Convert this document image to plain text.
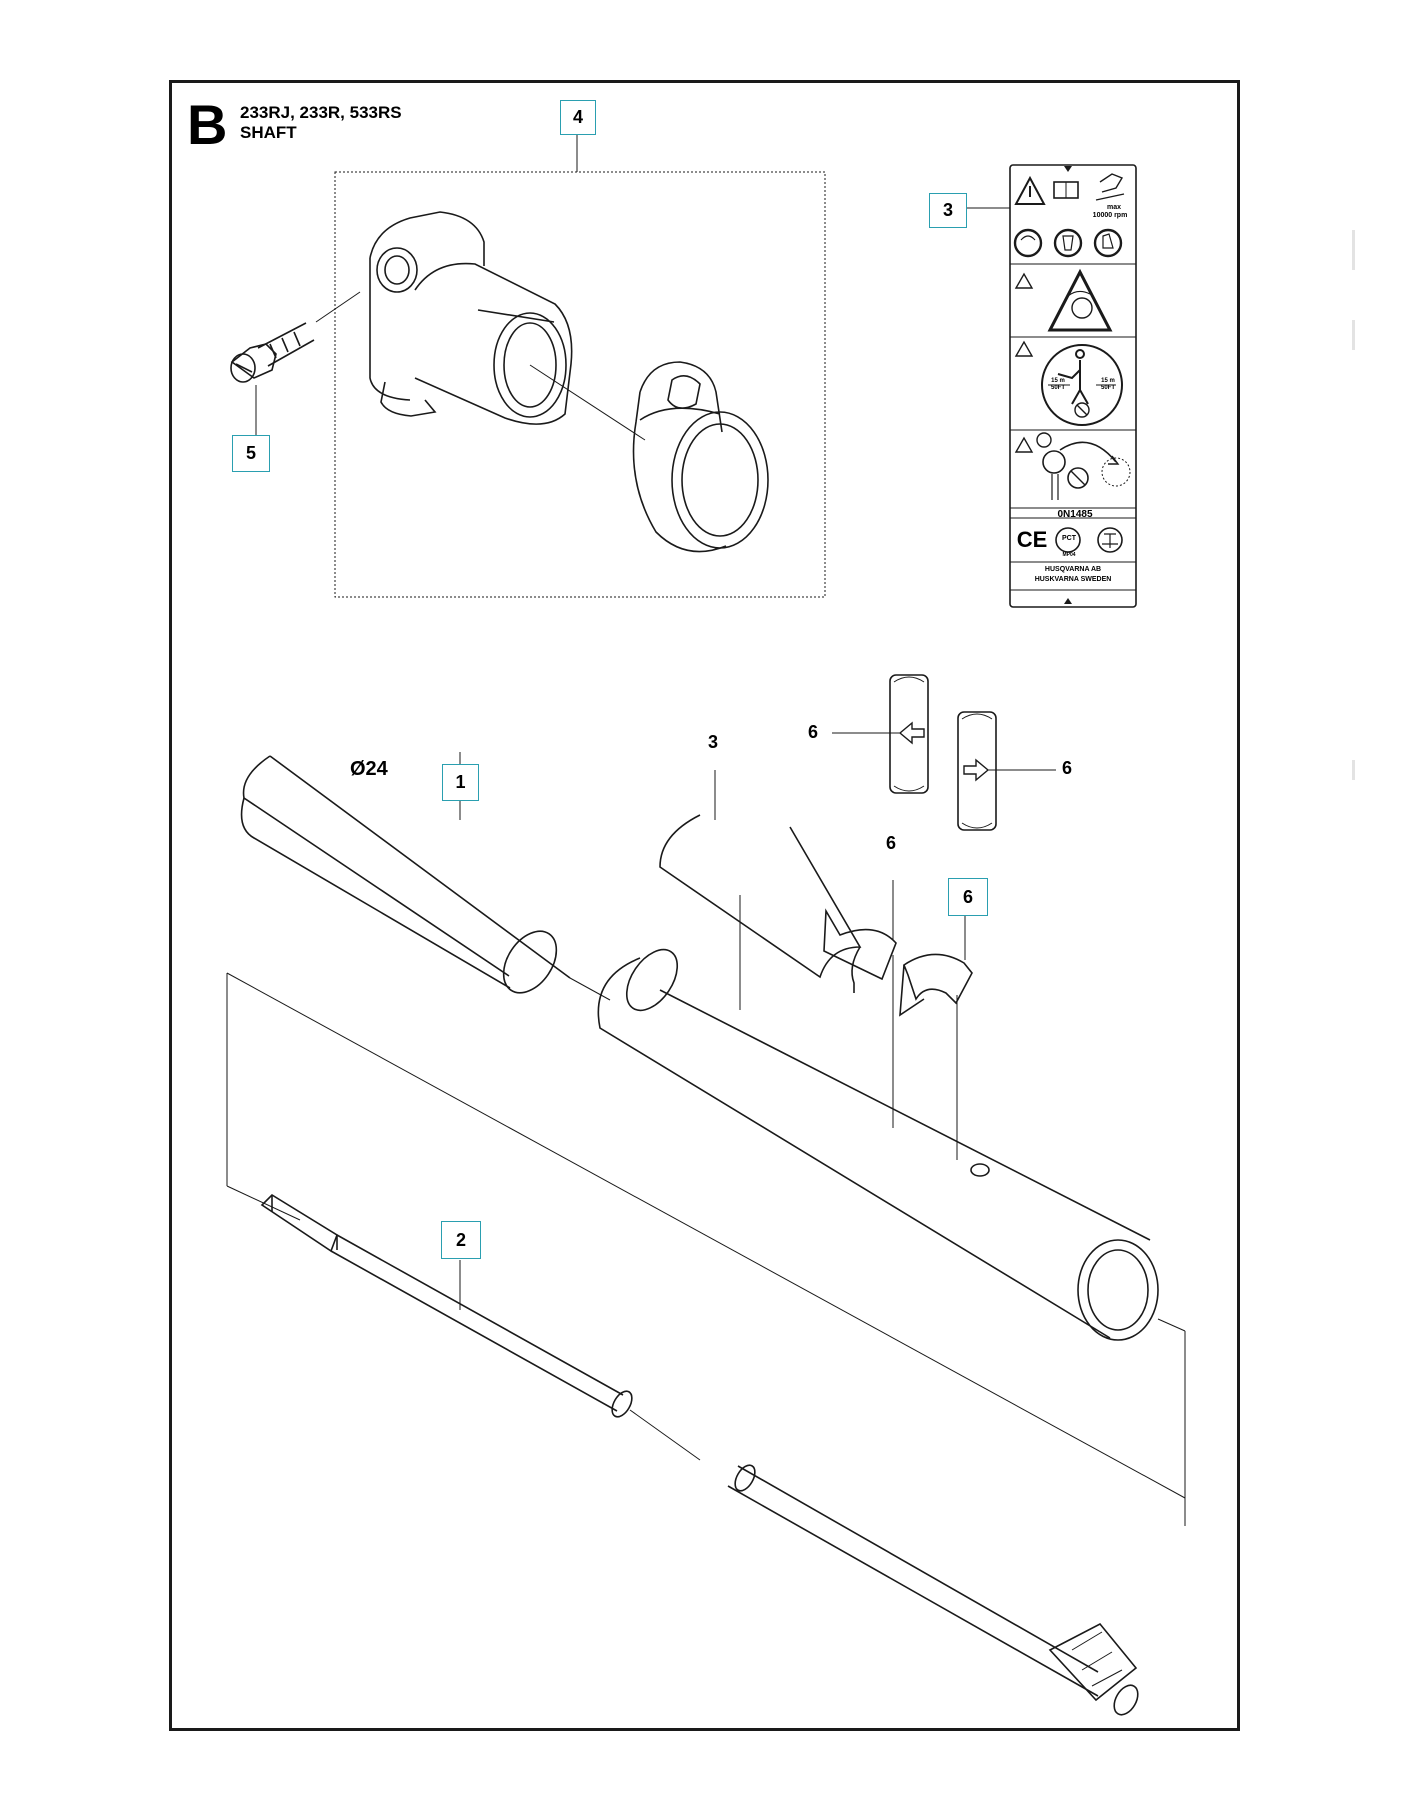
B 233RJ, 233R, 533RS
SHAFT
max
10000 rpm
15 m 50FT
15 m 50FT
0N1485
CE	PCT
MP04
HUSQVARNA AB
HUSKVARNA SWEDEN
4
3
5
1
2
6
3	6
6
6
Ø24
